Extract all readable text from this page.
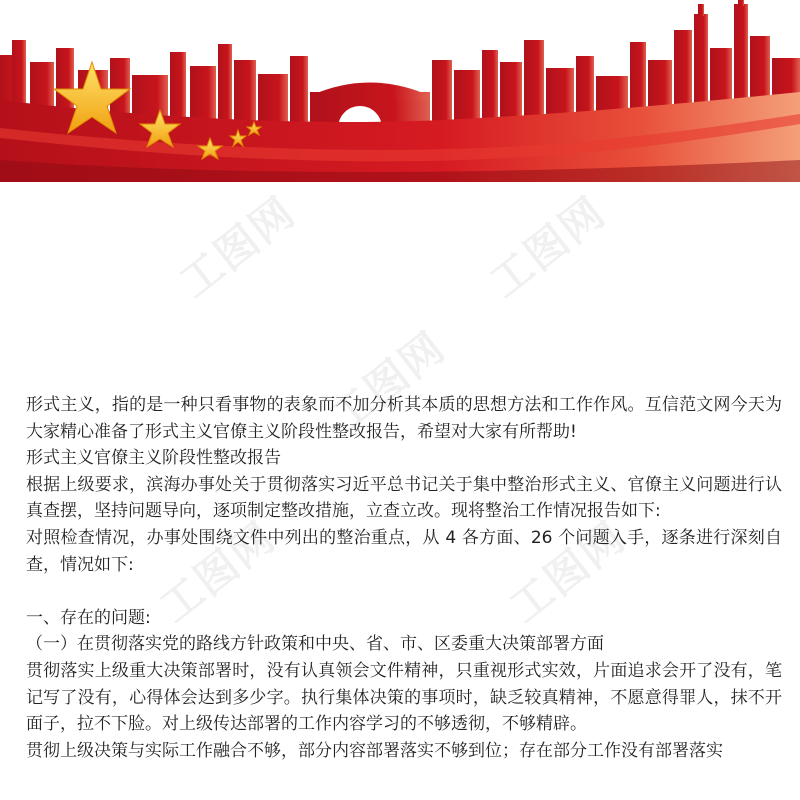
工图网	工图网
工图网
工图网	工图网

形式主义，指的是一种只看事物的表象而不加分析其本质的思想方法和工作作风。互信范文网今天为大家精心准备了形式主义官僚主义阶段性整改报告，希望对大家有所帮助!

形式主义官僚主义阶段性整改报告

根据上级要求，滨海办事处关于贯彻落实习近平总书记关于集中整治形式主义、官僚主义问题进行认真查摆，坚持问题导向，逐项制定整改措施，立查立改。现将整治工作情况报告如下:

对照检查情况，办事处围绕文件中列出的整治重点，从 4 各方面、26 个问题入手，逐条进行深刻自查，情况如下:

一、存在的问题:

（一）在贯彻落实党的路线方针政策和中央、省、市、区委重大决策部署方面

贯彻落实上级重大决策部署时，没有认真领会文件精神，只重视形式实效，片面追求会开了没有，笔记写了没有，心得体会达到多少字。执行集体决策的事项时，缺乏较真精神，不愿意得罪人，抹不开面子，拉不下脸。对上级传达部署的工作内容学习的不够透彻，不够精辟。

贯彻上级决策与实际工作融合不够，部分内容部署落实不够到位；存在部分工作没有部署落实
